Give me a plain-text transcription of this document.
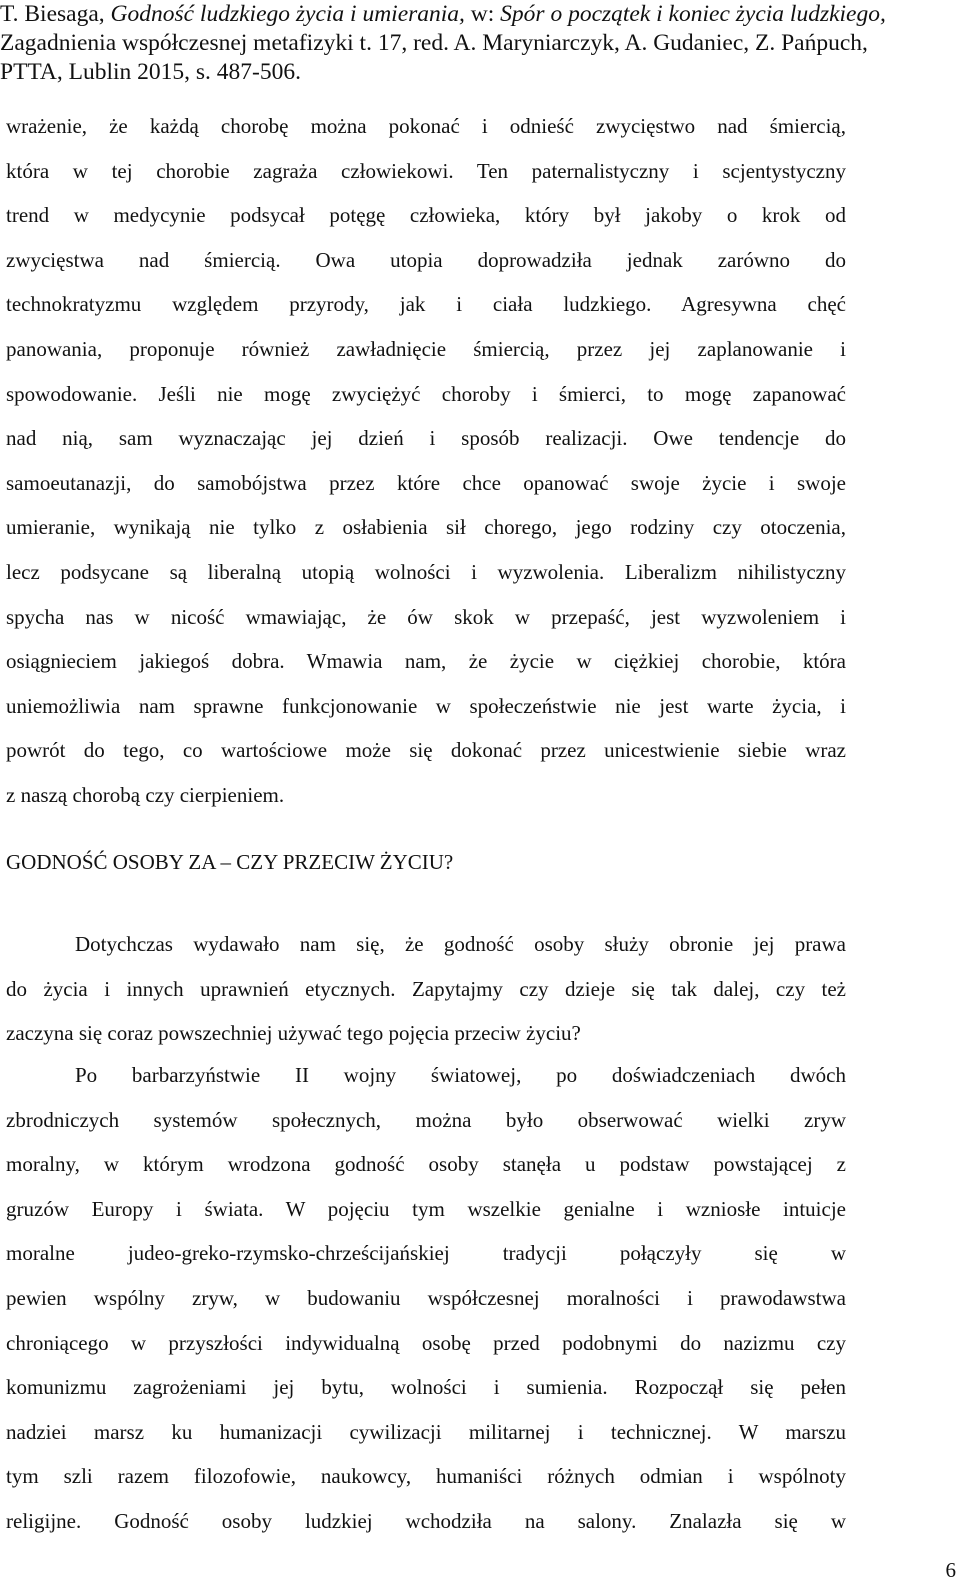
T. Biesaga, Godność ludzkiego życia i umierania, w: Spór o początek i koniec życia ludzkiego,
Zagadnienia współczesnej metafizyki t. 17, red. A. Maryniarczyk, A. Gudaniec, Z. Pańpuch,
PTTA, Lublin 2015, s. 487-506.
wrażenie, że każdą chorobę można pokonać i odnieść zwycięstwo nad śmiercią,
która w tej chorobie zagraża człowiekowi. Ten paternalistyczny i scjentystyczny
trend w medycynie podsycał potęgę człowieka, który był jakoby o krok od
zwycięstwa nad śmiercią. Owa utopia doprowadziła jednak zarówno do
technokratyzmu względem przyrody, jak i ciała ludzkiego. Agresywna chęć
panowania, proponuje również zawładnięcie śmiercią, przez jej zaplanowanie i
spowodowanie. Jeśli nie mogę zwyciężyć choroby i śmierci, to mogę zapanować
nad nią, sam wyznaczając jej dzień i sposób realizacji. Owe tendencje do
samoeutanazji, do samobójstwa przez które chce opanować swoje życie i swoje
umieranie, wynikają nie tylko z osłabienia sił chorego, jego rodziny czy otoczenia,
lecz podsycane są liberalną utopią wolności i wyzwolenia. Liberalizm nihilistyczny
spycha nas w nicość wmawiając, że ów skok w przepaść, jest wyzwoleniem i
osiągnieciem jakiegoś dobra. Wmawia nam, że życie w ciężkiej chorobie, która
uniemożliwia nam sprawne funkcjonowanie w społeczeństwie nie jest warte życia, i
powrót do tego, co wartościowe może się dokonać przez unicestwienie siebie wraz
z naszą chorobą czy cierpieniem.
GODNOŚĆ OSOBY ZA – CZY PRZECIW ŻYCIU?
Dotychczas wydawało nam się, że godność osoby służy obronie jej prawa
do życia i innych uprawnień etycznych. Zapytajmy czy dzieje się tak dalej, czy też
zaczyna się coraz powszechniej używać tego pojęcia przeciw życiu?
Po barbarzyństwie II wojny światowej, po doświadczeniach dwóch
zbrodniczych systemów społecznych, można było obserwować wielki zryw
moralny, w którym wrodzona godność osoby stanęła u podstaw powstającej z
gruzów Europy i świata. W pojęciu tym wszelkie genialne i wzniosłe intuicje
moralne judeo-greko-rzymsko-chrześcijańskiej tradycji połączyły się w
pewien wspólny zryw, w budowaniu współczesnej moralności i prawodawstwa
chroniącego w przyszłości indywidualną osobę przed podobnymi do nazizmu czy
komunizmu zagrożeniami jej bytu, wolności i sumienia. Rozpoczął się pełen
nadziei marsz ku humanizacji cywilizacji militarnej i technicznej. W marszu
tym szli razem filozofowie, naukowcy, humaniści różnych odmian i wspólnoty
religijne. Godność osoby ludzkiej wchodziła na salony. Znalazła się w
6
